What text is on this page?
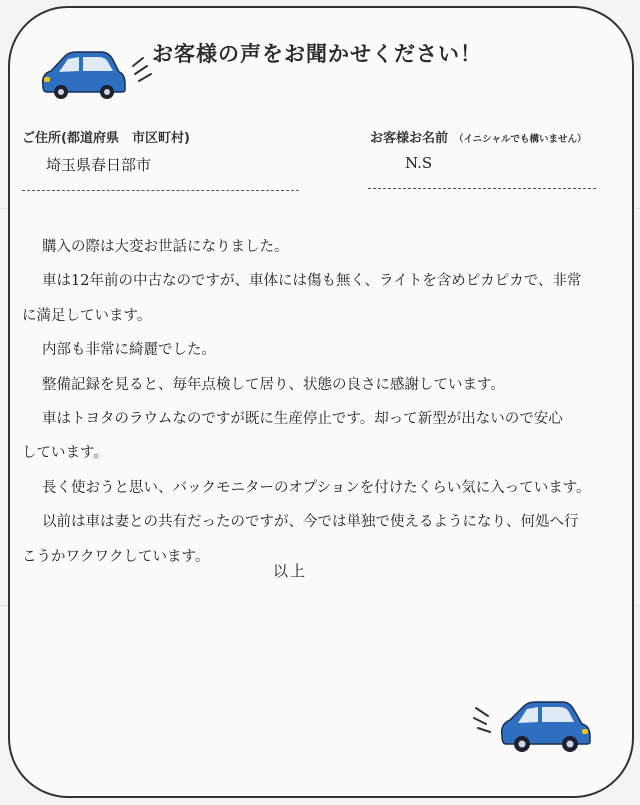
お客様の声をお聞かせください！
ご住所(都道府県　市区町村)
埼玉県春日部市
お客様お名前 （イニシャルでも構いません）
N.S

購入の際は大変お世話になりました。

車は12年前の中古なのですが、車体には傷も無く、ライトを含めピカピカで、非常

に満足しています。

内部も非常に綺麗でした。

整備記録を見ると、毎年点検して居り、状態の良さに感謝しています。

車はトヨタのラウムなのですが既に生産停止です。却って新型が出ないので安心

しています。

長く使おうと思い、バックモニターのオプションを付けたくらい気に入っています。

以前は車は妻との共有だったのですが、今では単独で使えるようになり、何処へ行

こうかワクワクしています。

以上
